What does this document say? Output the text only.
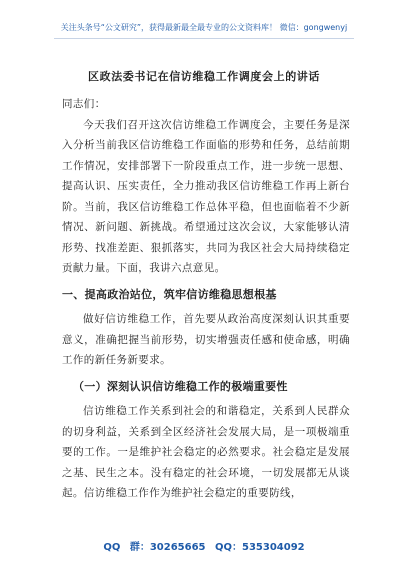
关注头条号“公文研究”，获得最新最全最专业的公文资料库！ 微信：gongwenyj
区政法委书记在信访维稳工作调度会上的讲话

同志们：

今天我们召开这次信访维稳工作调度会，主要任务是深入分析当前我区信访维稳工作面临的形势和任务，总结前期工作情况，安排部署下一阶段重点工作，进一步统一思想、提高认识、压实责任，全力推动我区信访维稳工作再上新台阶。当前，我区信访维稳工作总体平稳，但也面临着不少新情况、新问题、新挑战。希望通过这次会议，大家能够认清形势、找准差距、狠抓落实，共同为我区社会大局持续稳定贡献力量。下面，我讲六点意见。

一、提高政治站位，筑牢信访维稳思想根基

做好信访维稳工作，首先要从政治高度深刻认识其重要意义，准确把握当前形势，切实增强责任感和使命感，明确工作的新任务新要求。

（一）深刻认识信访维稳工作的极端重要性

信访维稳工作关系到社会的和谐稳定，关系到人民群众的切身利益，关系到全区经济社会发展大局，是一项极端重要的工作。一是维护社会稳定的必然要求。社会稳定是发展之基、民生之本。没有稳定的社会环境，一切发展都无从谈起。信访维稳工作作为维护社会稳定的重要防线，

QQ 群：30265665 QQ：535304092
